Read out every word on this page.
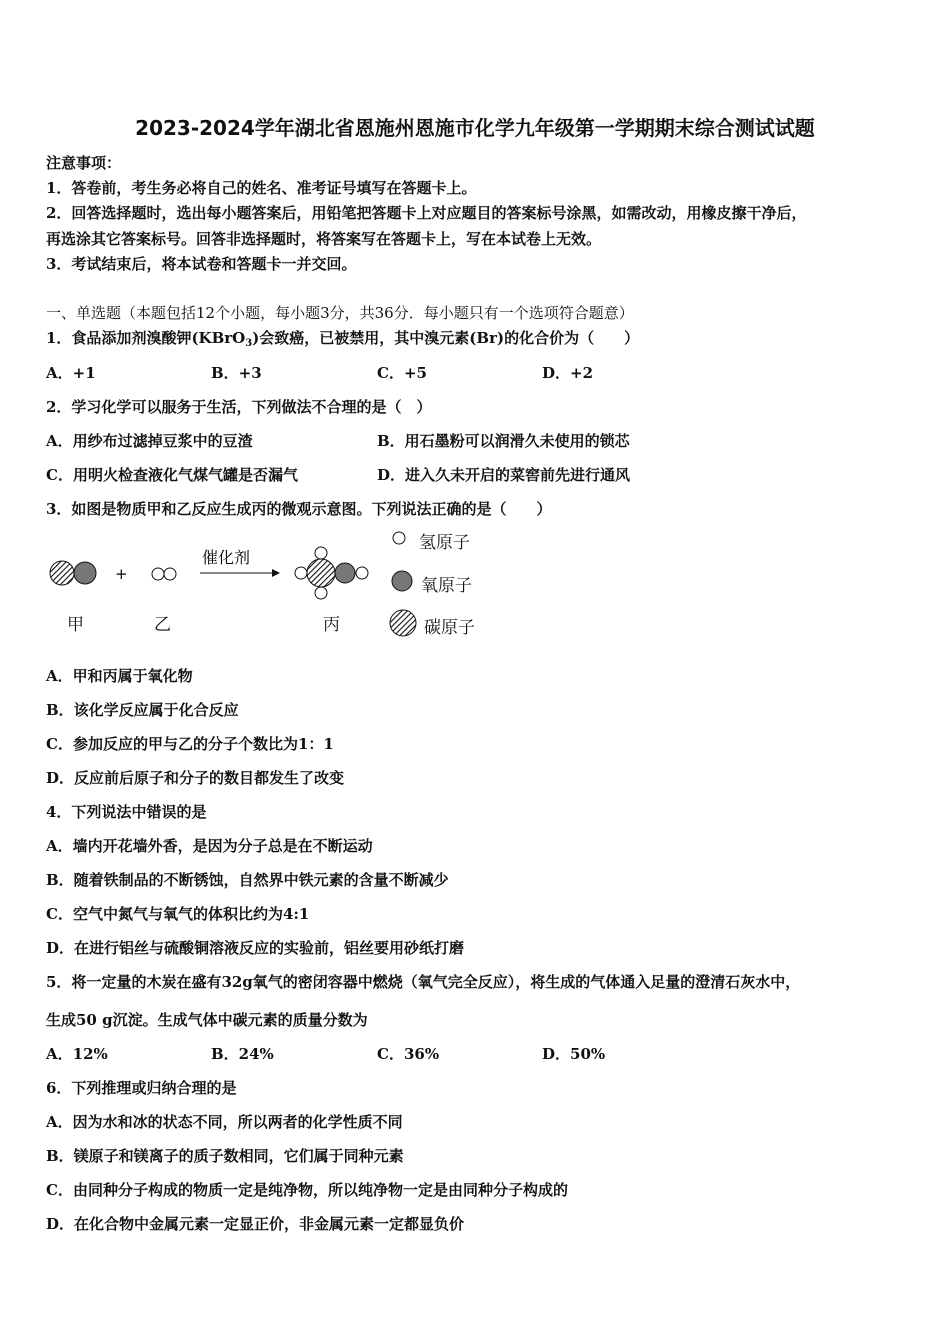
2023-2024学年湖北省恩施州恩施市化学九年级第一学期期末综合测试试题
注意事项：
1．答卷前，考生务必将自己的姓名、准考证号填写在答题卡上。
2．回答选择题时，选出每小题答案后，用铅笔把答题卡上对应题目的答案标号涂黑，如需改动，用橡皮擦干净后，
再选涂其它答案标号。回答非选择题时，将答案写在答题卡上，写在本试卷上无效。
3．考试结束后，将本试卷和答题卡一并交回。
一、单选题（本题包括12个小题，每小题3分，共36分．每小题只有一个选项符合题意）
1．食品添加剂溴酸钾(KBrO$_3$)会致癌，已被禁用，其中溴元素(Br)的化合价为（　　）
A．+1	B．+3	C．+5	D．+2
2．学习化学可以服务于生活，下列做法不合理的是（　）
A．用纱布过滤掉豆浆中的豆渣	B．用石墨粉可以润滑久未使用的锁芯
C．用明火检查液化气煤气罐是否漏气	D．进入久未开启的菜窖前先进行通风
3．如图是物质甲和乙反应生成丙的微观示意图。下列说法正确的是（　　）
+
催化剂
氢原子
氧原子
碳原子
甲	乙	丙
A．甲和丙属于氧化物
B．该化学反应属于化合反应
C．参加反应的甲与乙的分子个数比为1：1
D．反应前后原子和分子的数目都发生了改变
4．下列说法中错误的是
A．墙内开花墙外香，是因为分子总是在不断运动
B．随着铁制品的不断锈蚀，自然界中铁元素的含量不断减少
C．空气中氮气与氧气的体积比约为4:1
D．在进行铝丝与硫酸铜溶液反应的实验前，铝丝要用砂纸打磨
5．将一定量的木炭在盛有32g氧气的密闭容器中燃烧（氧气完全反应），将生成的气体通入足量的澄清石灰水中，
生成50 g沉淀。生成气体中碳元素的质量分数为
A．12%	B．24%	C．36%	D．50%
6．下列推理或归纳合理的是
A．因为水和冰的状态不同，所以两者的化学性质不同
B．镁原子和镁离子的质子数相同，它们属于同种元素
C．由同种分子构成的物质一定是纯净物，所以纯净物一定是由同种分子构成的
D．在化合物中金属元素一定显正价，非金属元素一定都显负价
